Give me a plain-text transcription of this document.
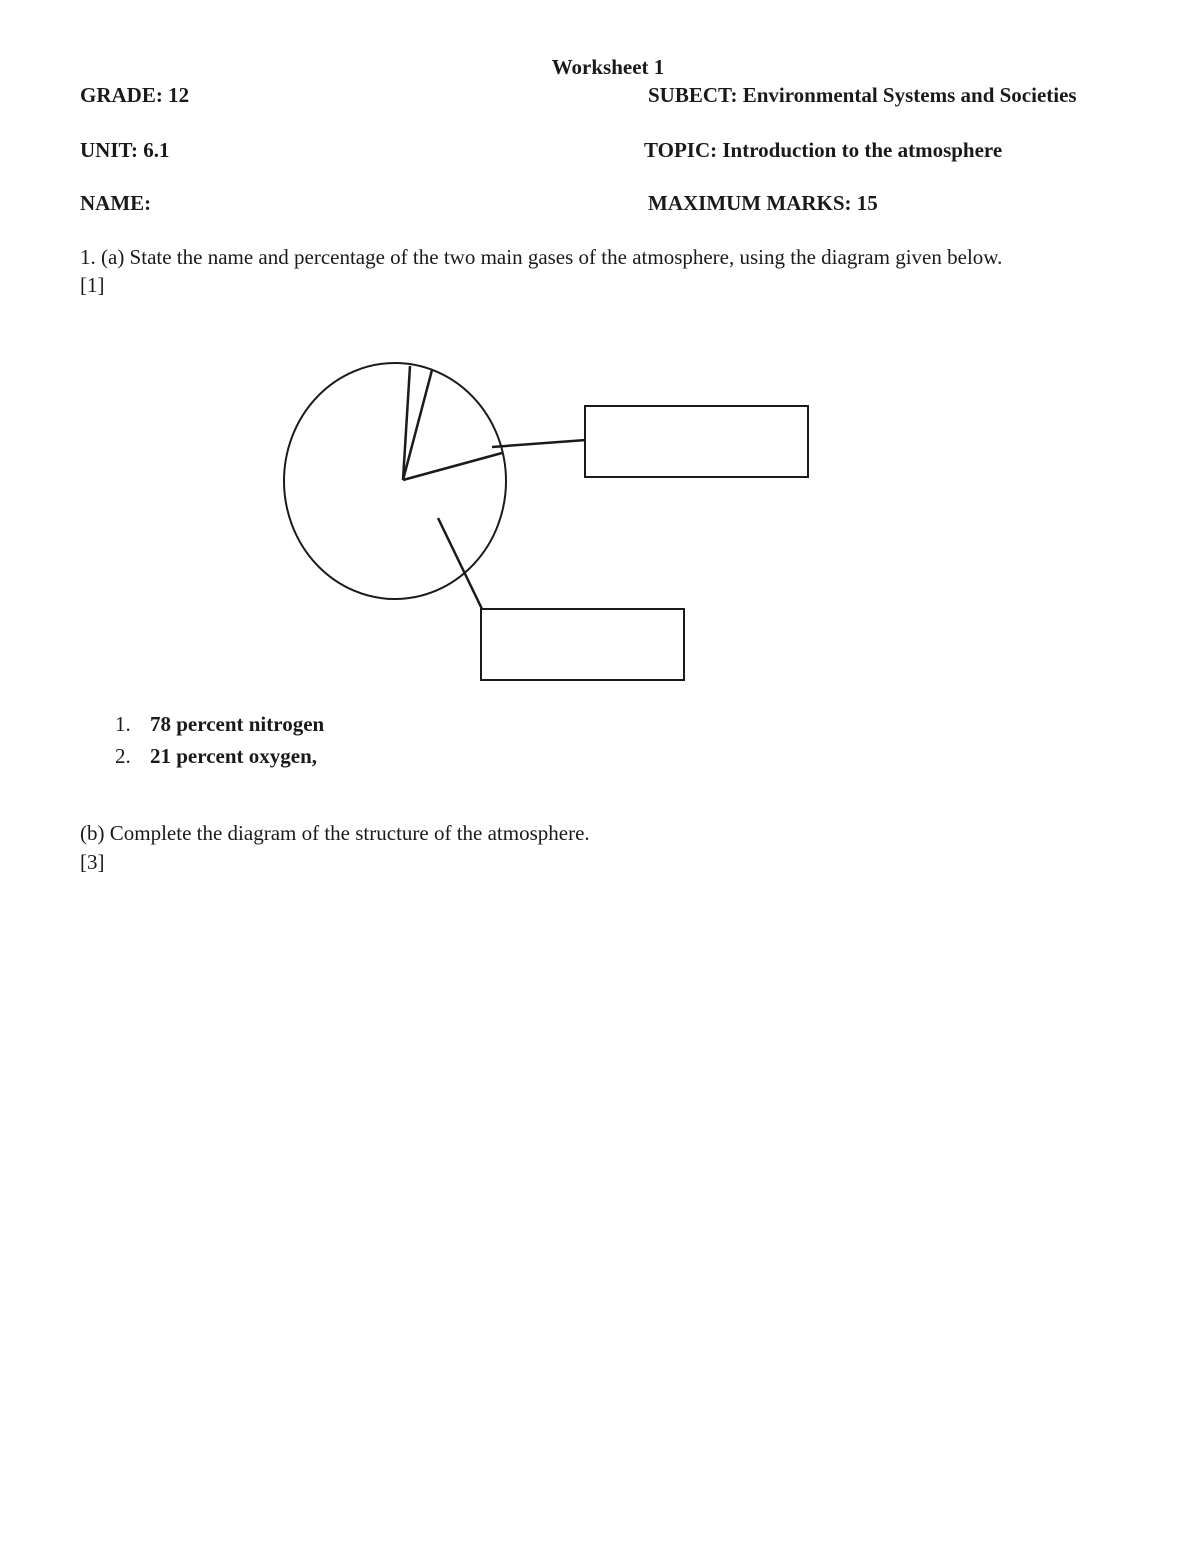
Worksheet 1
GRADE: 12	SUBECT: Environmental Systems and Societies
UNIT: 6.1	TOPIC: Introduction to the atmosphere
NAME:	MAXIMUM MARKS: 15
1. (a) State the name and percentage of the two main gases of the atmosphere, using the diagram given below.
[1]
1. 78 percent nitrogen
2. 21 percent oxygen,
(b) Complete the diagram of the structure of the atmosphere.
[3]
